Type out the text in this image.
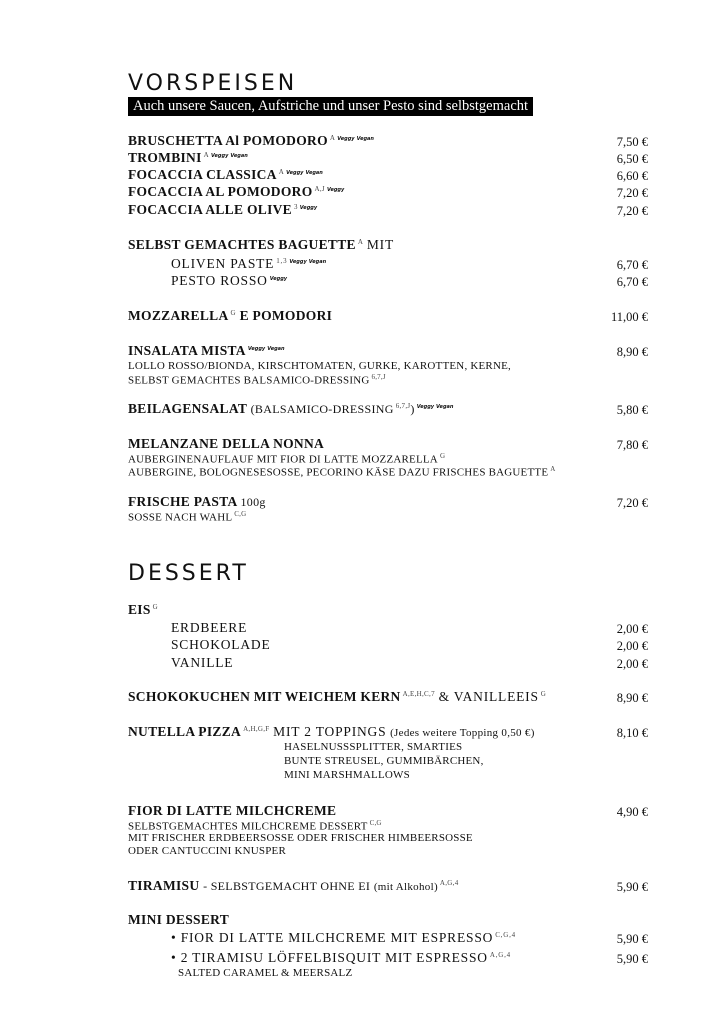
VORSPEISEN
Auch unsere Saucen, Aufstriche und unser Pesto sind selbstgemacht
BRUSCHETTA Al POMODORO $^A$ Veggy Vegan	7,50 €
TROMBINI $^A$ Veggy Vegan	6,50 €
FOCACCIA CLASSICA $^A$ Veggy Vegan	6,60 €
FOCACCIA AL POMODORO $^{A,J}$ Veggy	7,20 €
FOCACCIA ALLE OLIVE $^3$ Veggy	7,20 €
SELBST GEMACHTES BAGUETTE $^A$ MIT
OLIVEN PASTE $^{1,3}$ Veggy Vegan	6,70 €
PESTO ROSSO Veggy	6,70 €
MOZZARELLA $^G$ E POMODORI	11,00 €
INSALATA MISTA Veggy Vegan	8,90 €
LOLLO ROSSO/BIONDA, KIRSCHTOMATEN, GURKE, KAROTTEN, KERNE,
SELBST GEMACHTES BALSAMICO-DRESSING $^{6,7,J}$
BEILAGENSALAT (BALSAMICO-DRESSING $^{6,7,J}$) Veggy Vegan	5,80 €
MELANZANE DELLA NONNA	7,80 €
AUBERGINENAUFLAUF MIT FIOR DI LATTE MOZZARELLA $^G$
AUBERGINE, BOLOGNESESOSSE, PECORINO KÄSE DAZU FRISCHES BAGUETTE $^A$
FRISCHE PASTA 100g	7,20 €
SOSSE NACH WAHL $^{C,G}$
DESSERT
EIS $^G$
ERDBEERE	2,00 €
SCHOKOLADE	2,00 €
VANILLE	2,00 €
SCHOKOKUCHEN MIT WEICHEM KERN $^{A,E,H,C,7}$ & VANILLEEIS $^G$	8,90 €
NUTELLA PIZZA $^{A,H,G,F}$ MIT 2 TOPPINGS (Jedes weitere Topping 0,50 €)	8,10 €
HASELNUSSSPLITTER, SMARTIES
BUNTE STREUSEL, GUMMIBÄRCHEN,
MINI MARSHMALLOWS
FIOR DI LATTE MILCHCREME	4,90 €
SELBSTGEMACHTES MILCHCREME DESSERT $^{C,G}$
MIT FRISCHER ERDBEERSOSSE ODER FRISCHER HIMBEERSOSSE
ODER CANTUCCINI KNUSPER
TIRAMISU - SELBSTGEMACHT OHNE EI (mit Alkohol) $^{A,G,4}$	5,90 €
MINI DESSERT
• FIOR DI LATTE MILCHCREME MIT ESPRESSO $^{C,G,4}$	5,90 €
• 2 TIRAMISU LÖFFELBISQUIT MIT ESPRESSO $^{A,G,4}$	5,90 €
SALTED CARAMEL & MEERSALZ
